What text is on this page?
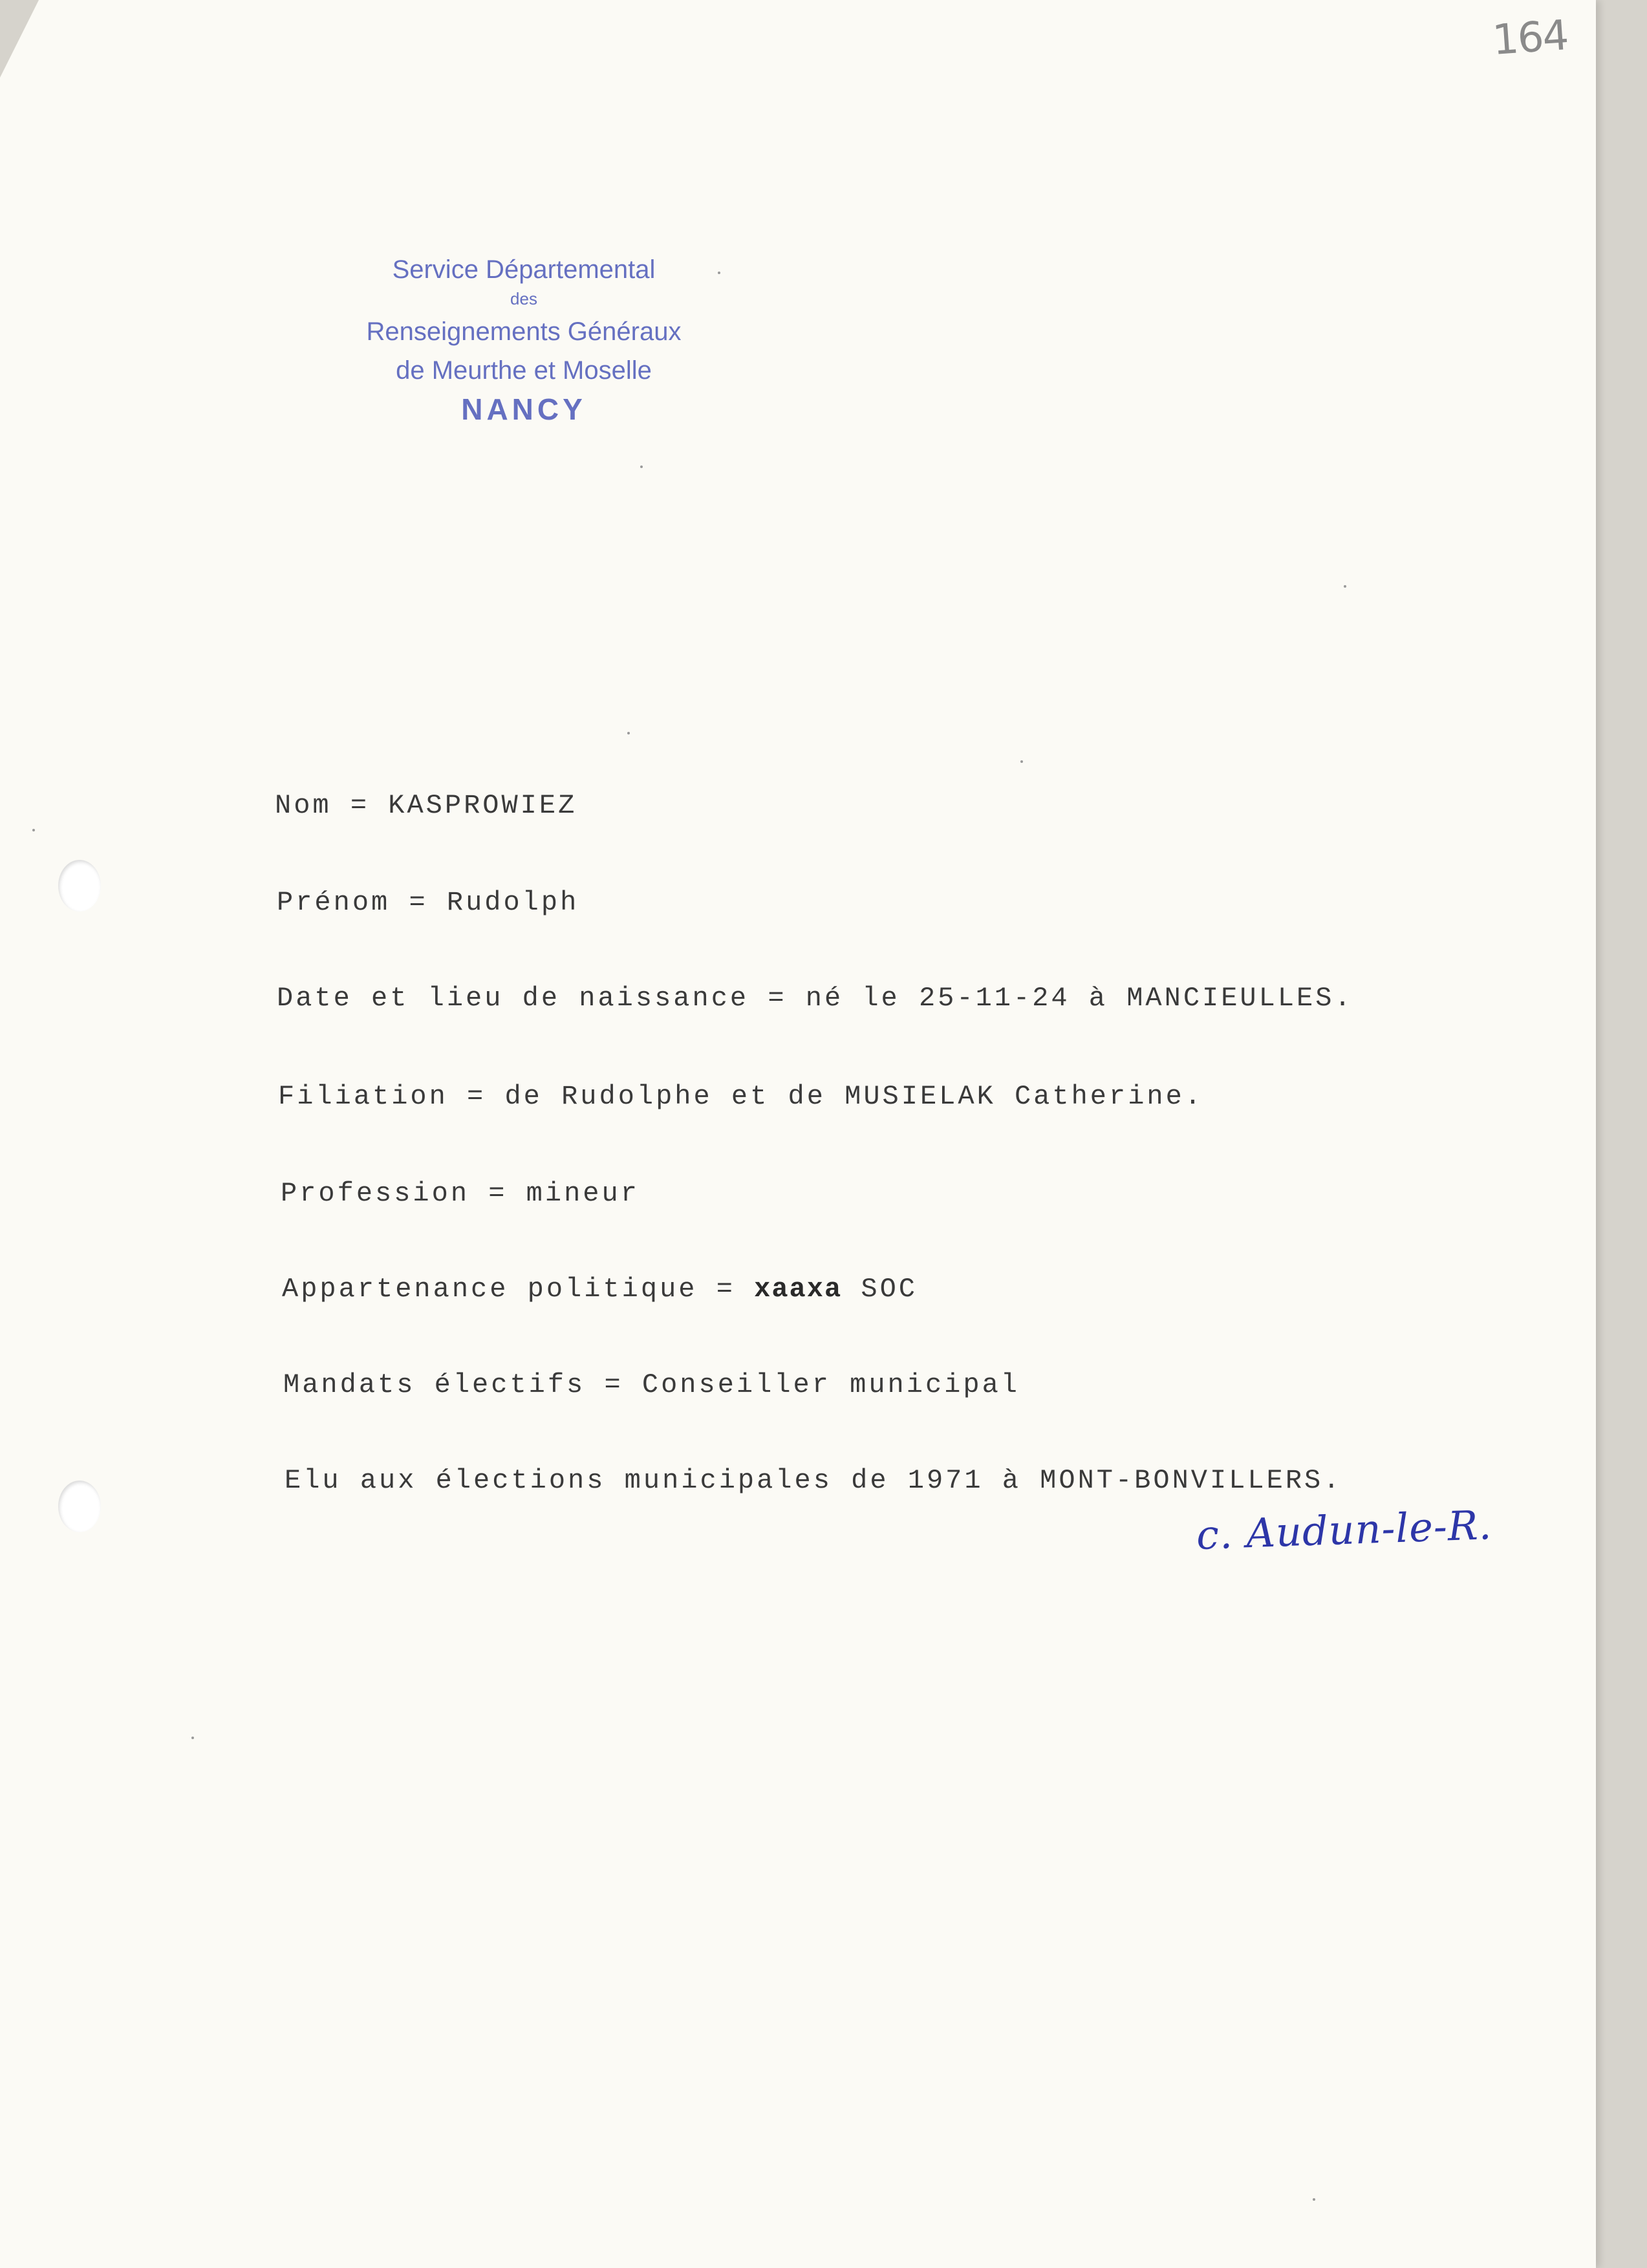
164
Service Départemental
des
Renseignements Généraux
de Meurthe et Moselle
NANCY
Nom = KASPROWIEZ
Prénom = Rudolph
Date et lieu de naissance = né le 25-11-24 à MANCIEULLES.
Filiation = de Rudolphe et de MUSIELAK Catherine.
Profession = mineur
Appartenance politique = xaaxa SOC
Mandats électifs = Conseiller municipal
Elu aux élections municipales de 1971 à MONT-BONVILLERS.
c. Audun-le-R.
